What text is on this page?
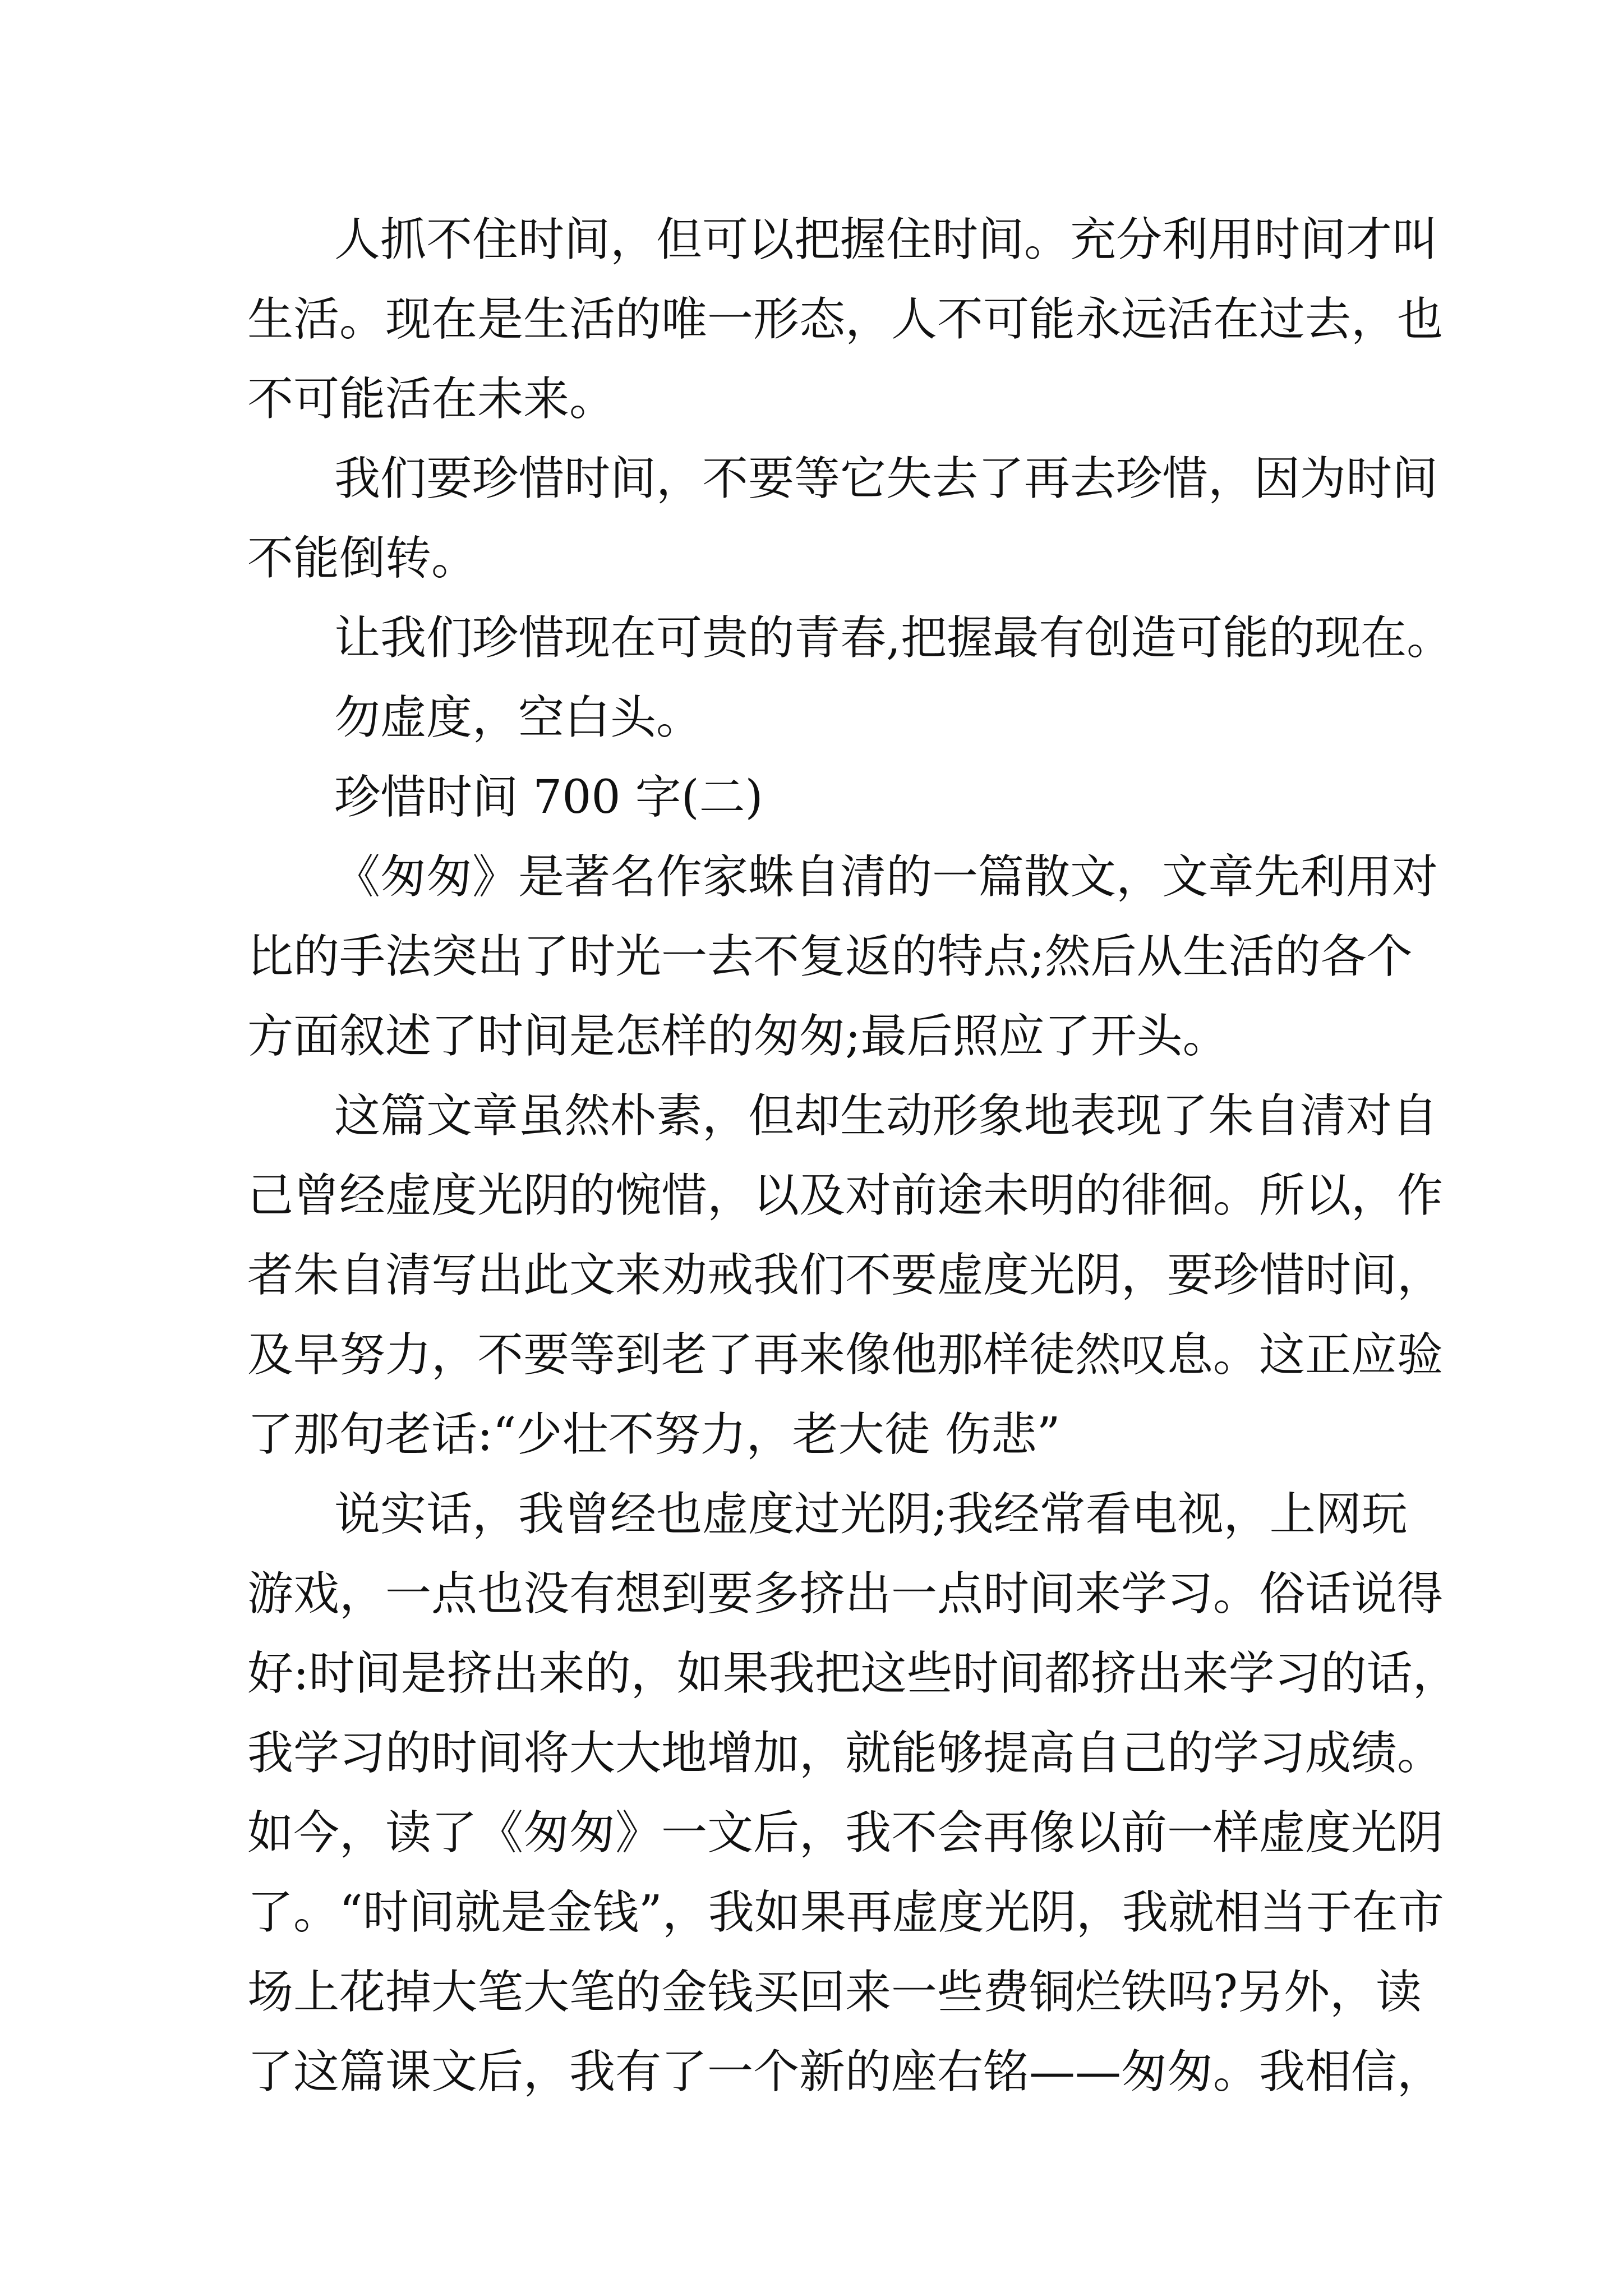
人抓不住时间，但可以把握住时间。充分利用时间才叫
生活。现在是生活的唯一形态，人不可能永远活在过去，也
不可能活在未来。
我们要珍惜时间，不要等它失去了再去珍惜，因为时间
不能倒转。
让我们珍惜现在可贵的青春,把握最有创造可能的现在。
勿虚度，空白头。
珍惜时间 700 字(二)
《匆匆》是著名作家蛛自清的一篇散文，文章先利用对
比的手法突出了时光一去不复返的特点;然后从生活的各个
方面叙述了时间是怎样的匆匆;最后照应了开头。
这篇文章虽然朴素，但却生动形象地表现了朱自清对自
己曾经虚度光阴的惋惜，以及对前途未明的徘徊。所以，作
者朱自清写出此文来劝戒我们不要虚度光阴，要珍惜时间，
及早努力，不要等到老了再来像他那样徒然叹息。这正应验
了那句老话:“少壮不努力，老大徒 伤悲”
说实话，我曾经也虚度过光阴;我经常看电视，上网玩
游戏，一点也没有想到要多挤出一点时间来学习。俗话说得
好:时间是挤出来的，如果我把这些时间都挤出来学习的话，
我学习的时间将大大地增加，就能够提高自己的学习成绩。
如今，读了《匆匆》一文后，我不会再像以前一样虚度光阴
了。“时间就是金钱”，我如果再虚度光阴，我就相当于在市
场上花掉大笔大笔的金钱买回来一些费铜烂铁吗?另外，读
了这篇课文后，我有了一个新的座右铭——匆匆。我相信，
